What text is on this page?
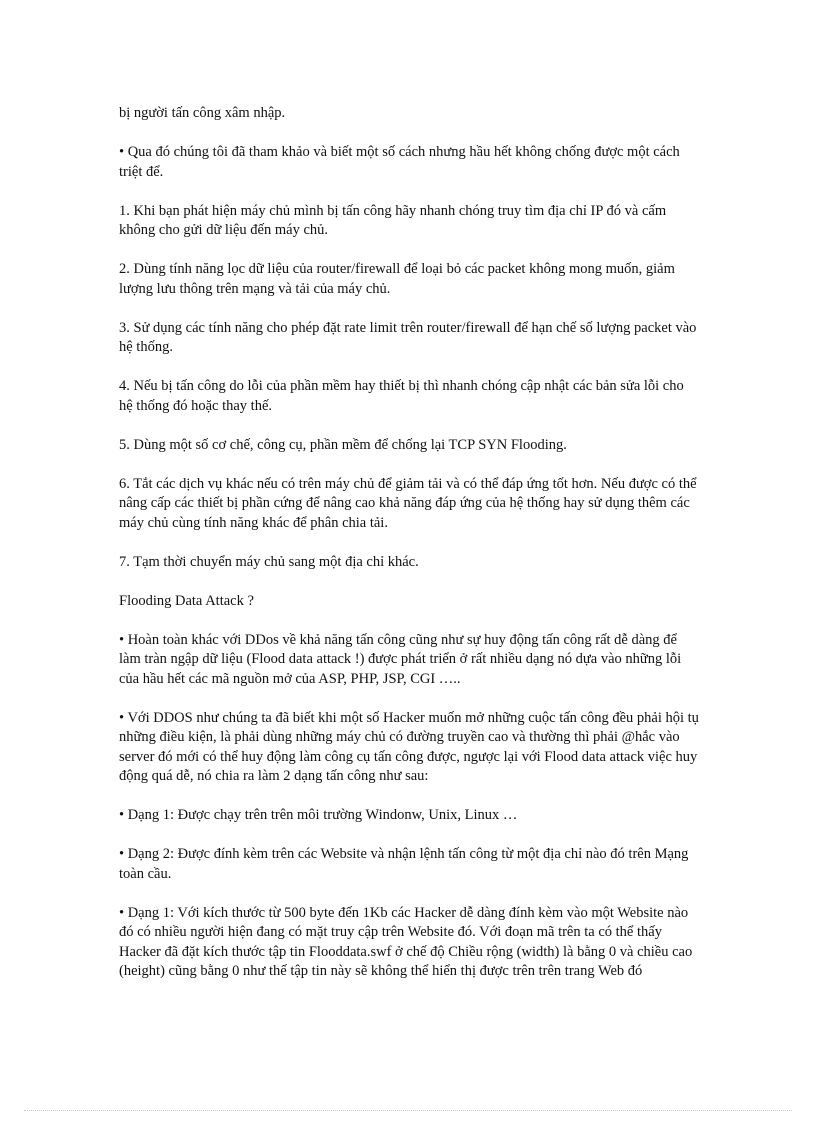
bị người tấn công xâm nhập.

• Qua đó chúng tôi đã tham khảo và biết một số cách nhưng hầu hết không chống được một cách triệt để.

1. Khi bạn phát hiện máy chủ mình bị tấn công hãy nhanh chóng truy tìm địa chỉ IP đó và cấm không cho gửi dữ liệu đến máy chủ.

2. Dùng tính năng lọc dữ liệu của router/firewall để loại bỏ các packet không mong muốn, giảm lượng lưu thông trên mạng và tải của máy chủ.

3. Sử dụng các tính năng cho phép đặt rate limit trên router/firewall để hạn chế số lượng packet vào hệ thống.

4. Nếu bị tấn công do lỗi của phần mềm hay thiết bị thì nhanh chóng cập nhật các bản sửa lỗi cho hệ thống đó hoặc thay thế.

5. Dùng một số cơ chế, công cụ, phần mềm để chống lại TCP SYN Flooding.

6. Tắt các dịch vụ khác nếu có trên máy chủ để giảm tải và có thể đáp ứng tốt hơn. Nếu được có thể nâng cấp các thiết bị phần cứng để nâng cao khả năng đáp ứng của hệ thống hay sử dụng thêm các máy chủ cùng tính năng khác để phân chia tải.

7. Tạm thời chuyển máy chủ sang một địa chỉ khác.

Flooding Data Attack ?

• Hoàn toàn khác với DDos về khả năng tấn công cũng như sự huy động tấn công rất dễ dàng để làm tràn ngập dữ liệu (Flood data attack !) được phát triển ở rất nhiều dạng nó dựa vào những lỗi của hầu hết các mã nguồn mở của ASP, PHP, JSP, CGI …..

• Với DDOS như chúng ta đã biết khi một số Hacker muốn mở những cuộc tấn công đều phải hội tụ những điều kiện, là phải dùng những máy chủ có đường truyền cao và thường thì phải @hắc vào server đó mới có thể huy động làm công cụ tấn công được, ngược lại với Flood data attack việc huy động quá dễ, nó chia ra làm 2 dạng tấn công như sau:

• Dạng 1: Được chạy trên trên môi trường Windonw, Unix, Linux …

• Dạng 2: Được đính kèm trên các Website và nhận lệnh tấn công từ một địa chỉ nào đó trên Mạng toàn cầu.

• Dạng 1: Với kích thước từ 500 byte đến 1Kb các Hacker dễ dàng đính kèm vào một Website nào đó có nhiều người hiện đang có mặt truy cập trên Website đó. Với đoạn mã trên ta có thể thấy Hacker đã đặt kích thước tập tin Flooddata.swf ở chế độ Chiều rộng (width) là bằng 0 và chiều cao (height) cũng bằng 0 như thế tập tin này sẽ không thể hiển thị được trên trên trang Web đó
